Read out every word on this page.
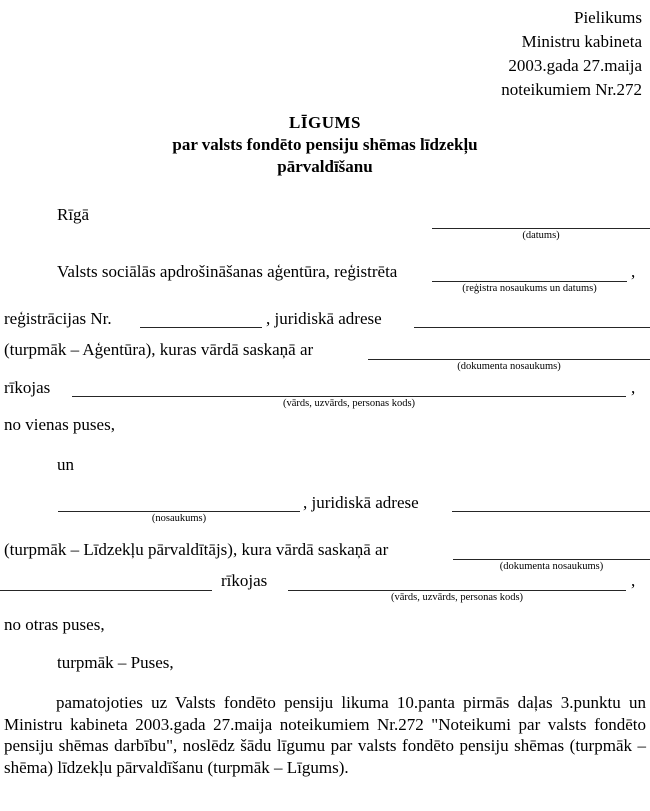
Pielikums
Ministru kabineta
2003.gada 27.maija
noteikumiem Nr.272
LĪGUMS
par valsts fondēto pensiju shēmas līdzekļu
pārvaldīšanu
Rīgā
(datums)
Valsts sociālās apdrošināšanas aģentūra, reģistrēta	,
(reģistra nosaukums un datums)
reģistrācijas Nr.	, juridiskā adrese
(turpmāk – Aģentūra), kuras vārdā saskaņā ar
(dokumenta nosaukums)
rīkojas	,
(vārds, uzvārds, personas kods)
no vienas puses,
un
(nosaukums)
, juridiskā adrese
(turpmāk – Līdzekļu pārvaldītājs), kura vārdā saskaņā ar
(dokumenta nosaukums)
rīkojas	,
(vārds, uzvārds, personas kods)
no otras puses,
turpmāk – Puses,
pamatojoties uz Valsts fondēto pensiju likuma 10.panta pirmās daļas 3.punktu un Ministru kabineta 2003.gada 27.maija noteikumiem Nr.272 "Noteikumi par valsts fondēto pensiju shēmas darbību", noslēdz šādu līgumu par valsts fondēto pensiju shēmas (turpmāk – shēma) līdzekļu pārvaldīšanu (turpmāk – Līgums).
